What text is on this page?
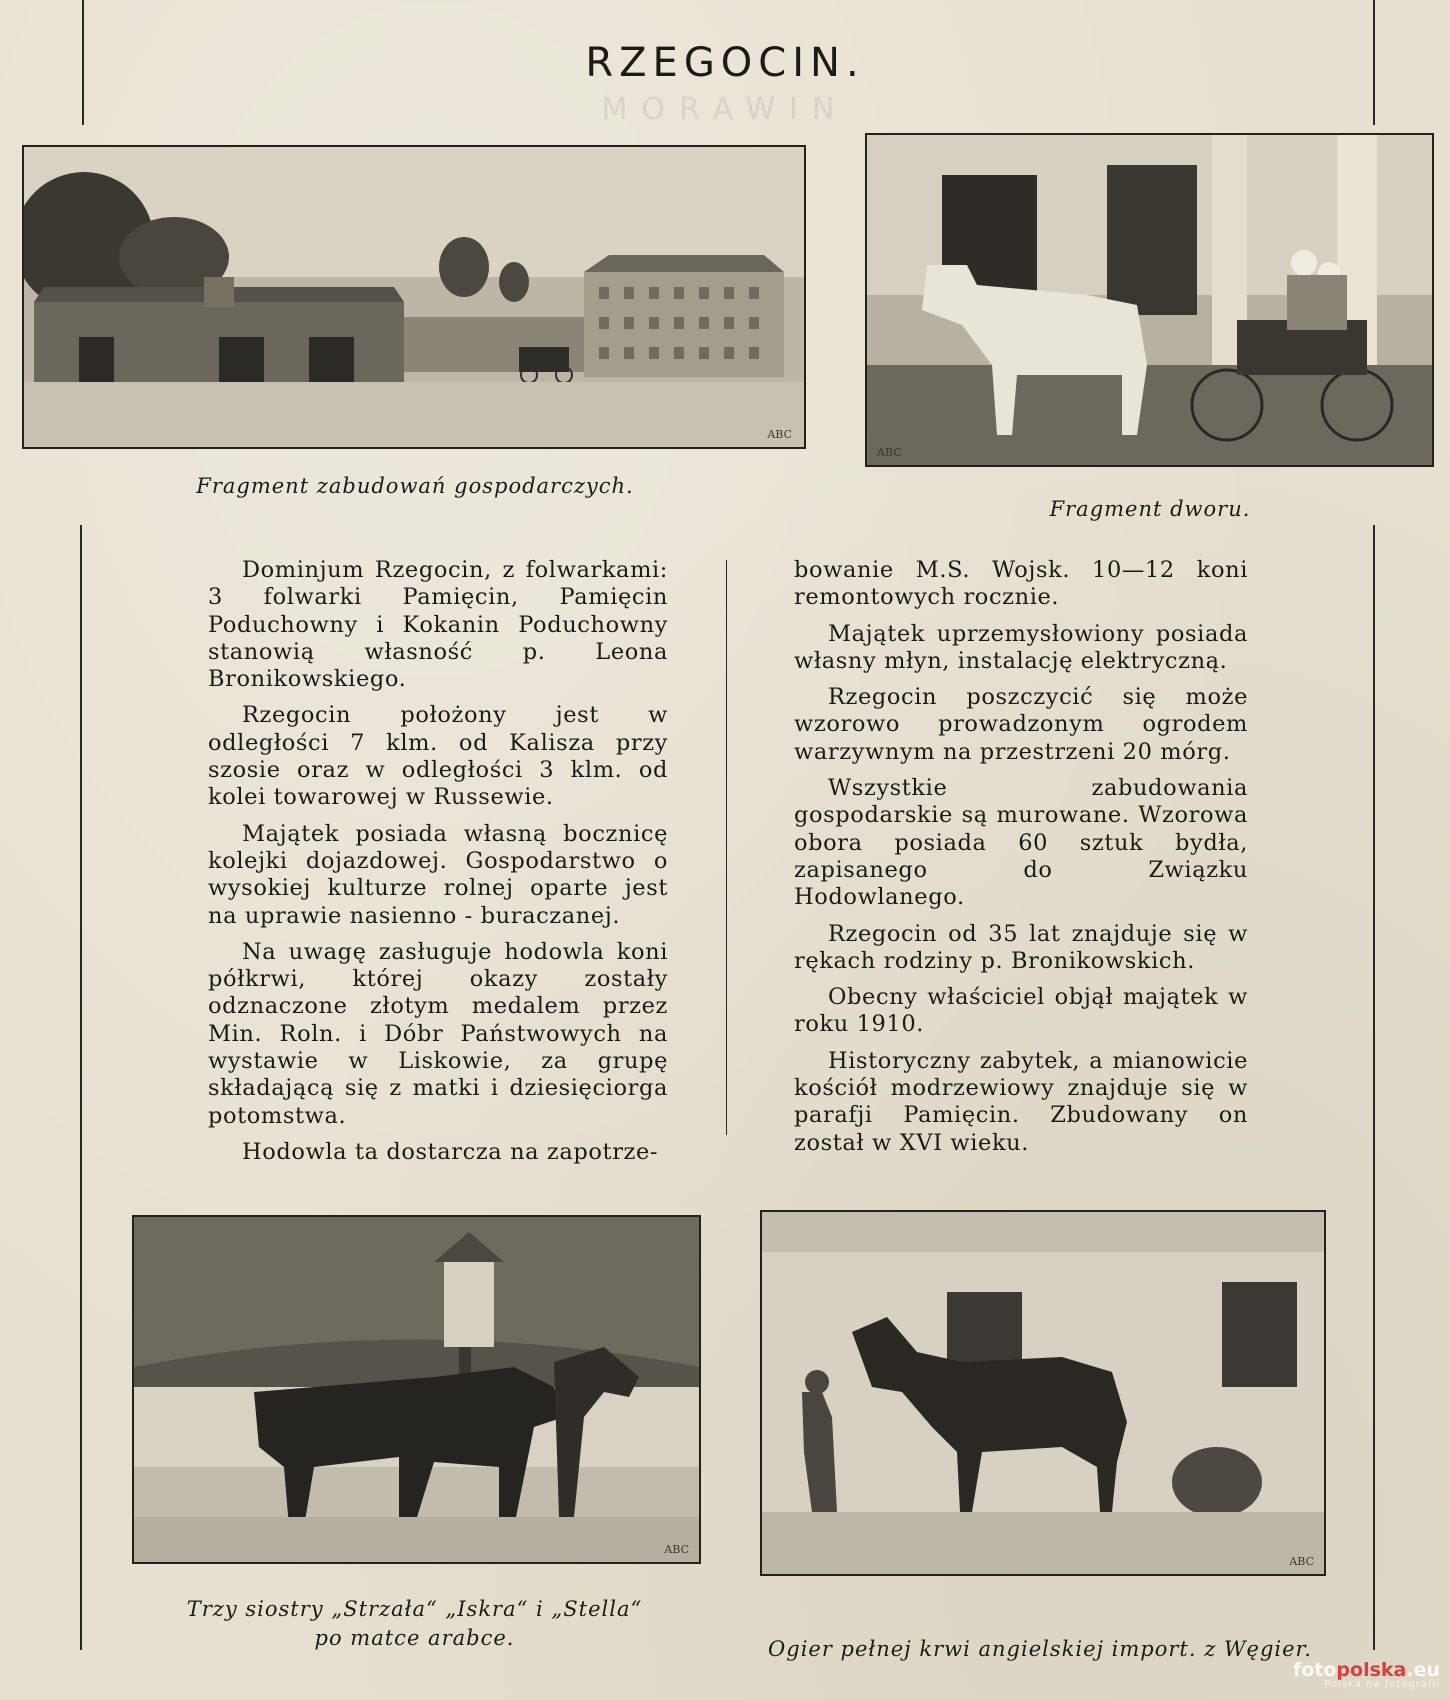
RZEGOCIN.
MORAWIN
ABC
Fragment zabudowań gospodarczych.
ABC
Fragment dworu.

Dominjum Rzegocin, z folwarkami: 3 folwarki Pamięcin, Pamięcin Poduchowny i Kokanin Poduchowny stanowią własność p. Leona Bronikowskiego.

Rzegocin położony jest w odległości 7 klm. od Kalisza przy szosie oraz w odległości 3 klm. od kolei towarowej w Russewie.

Majątek posiada własną bocznicę kolejki dojazdowej. Gospodarstwo o wysokiej kulturze rolnej oparte jest na uprawie nasienno - buraczanej.

Na uwagę zasługuje hodowla koni półkrwi, której okazy zostały odznaczone złotym medalem przez Min. Roln. i Dóbr Państwowych na wystawie w Liskowie, za grupę składającą się z matki i dziesięciorga potomstwa.

Hodowla ta dostarcza na zapotrze-

bowanie M.S. Wojsk. 10—12 koni remontowych rocznie.

Majątek uprzemysłowiony posiada własny młyn, instalację elektryczną.

Rzegocin poszczycić się może wzorowo prowadzonym ogrodem warzywnym na przestrzeni 20 mórg.

Wszystkie zabudowania gospodarskie są murowane. Wzorowa obora posiada 60 sztuk bydła, zapisanego do Związku Hodowlanego.

Rzegocin od 35 lat znajduje się w rękach rodziny p. Bronikowskich.

Obecny właściciel objął majątek w roku 1910.

Historyczny zabytek, a mianowicie kościół modrzewiowy znajduje się w parafji Pamięcin. Zbudowany on został w XVI wieku.

ABC
Trzy siostry „Strzała“ „Iskra“ i „Stella“
po matce arabce.
ABC
Ogier pełnej krwi angielskiej import. z Węgier.
fotopolska.eu
Polska na fotografii
